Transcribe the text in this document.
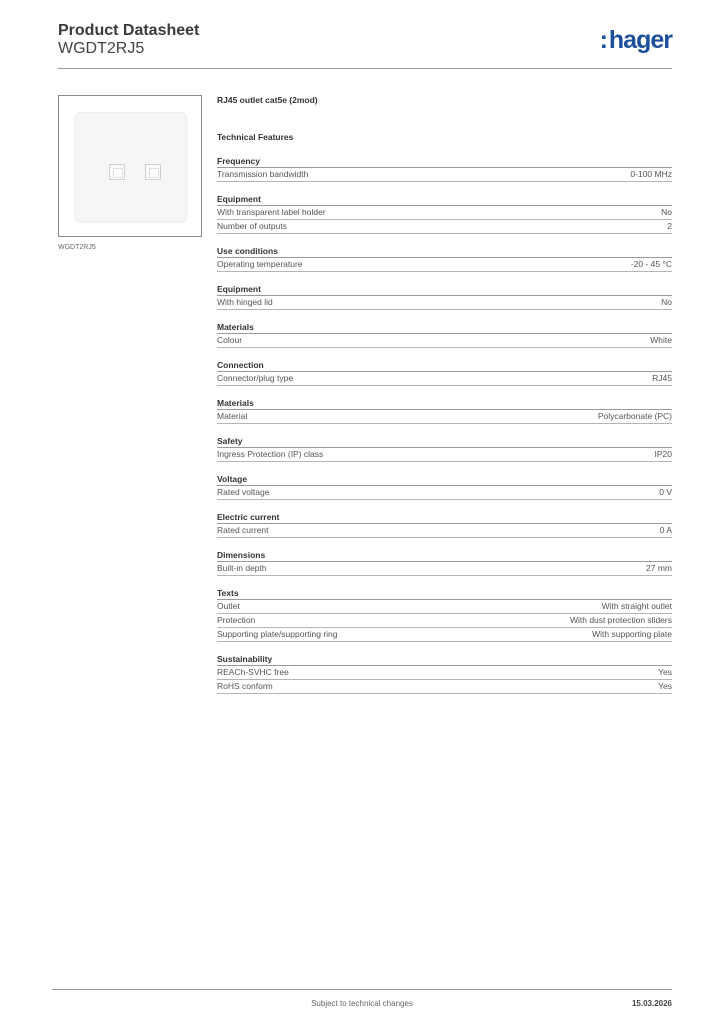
Product Datasheet
WGDT2RJ5	:hager
WGDT2RJ5
RJ45 outlet cat5e (2mod)
Technical Features
Frequency
Transmission bandwidth	0-100 MHz
Equipment
With transparent label holder	No
Number of outputs	2
Use conditions
Operating temperature	-20 - 45 °C
Equipment
With hinged lid	No
Materials
Colour	White
Connection
Connector/plug type	RJ45
Materials
Material	Polycarbonate (PC)
Safety
Ingress Protection (IP) class	IP20
Voltage
Rated voltage	0 V
Electric current
Rated current	0 A
Dimensions
Built-in depth	27 mm
Texts
Outlet	With straight outlet
Protection	With dust protection sliders
Supporting plate/supporting ring	With supporting plate
Sustainability
REACh-SVHC free	Yes
RoHS conform	Yes
Subject to technical changes	15.03.2026
